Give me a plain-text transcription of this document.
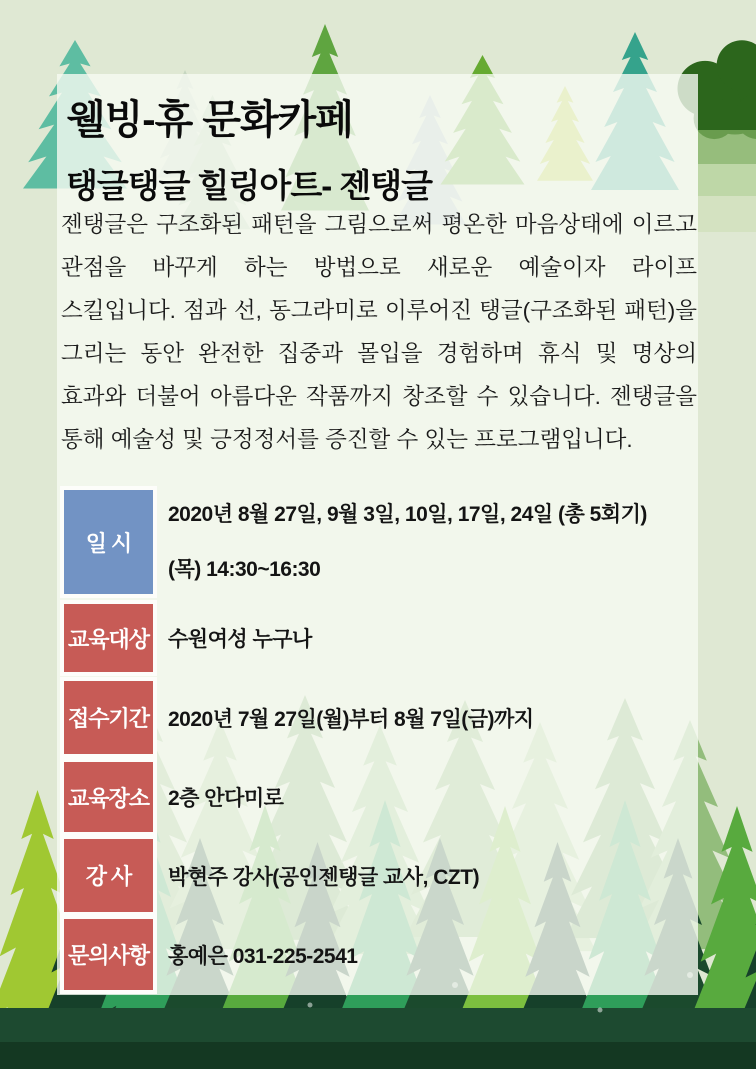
웰빙-휴 문화카페
탱글탱글 힐링아트- 젠탱글
젠탱글은 구조화된 패턴을 그림으로써 평온한 마음상태에 이르고 관점을 바꾸게 하는 방법으로 새로운 예술이자 라이프 스킬입니다. 점과 선, 동그라미로 이루어진 탱글(구조화된 패턴)을 그리는 동안 완전한 집중과 몰입을 경험하며 휴식 및 명상의 효과와 더불어 아름다운 작품까지 창조할 수 있습니다. 젠탱글을 통해 예술성 및 긍정정서를 증진할 수 있는 프로그램입니다.
일 시
2020년 8월 27일, 9월 3일, 10일, 17일, 24일 (총 5회기)
(목) 14:30~16:30
교육대상 수원여성 누구나
접수기간 2020년 7월 27일(월)부터 8월 7일(금)까지
교육장소 2층 안다미로
강 사	박현주 강사(공인젠탱글 교사, CZT)
문의사항 홍예은 031-225-2541
